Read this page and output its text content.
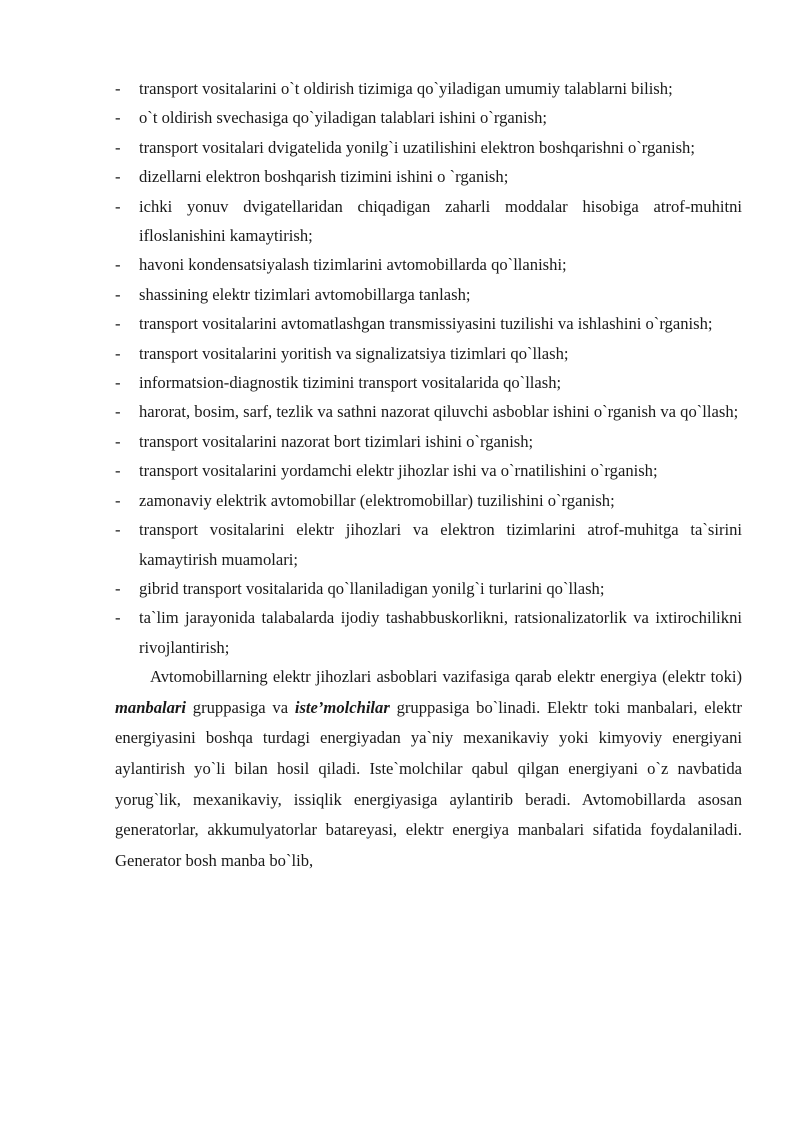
- transport vositalarini o`t oldirish tizimiga qo`yiladigan umumiy talablarni bilish;
- o`t oldirish svechasiga qo`yiladigan talablari ishini o`rganish;
- transport vositalari dvigatelida yonilg`i uzatilishini elektron boshqarishni o`rganish;
- dizellarni elektron boshqarish tizimini ishini o `rganish;
- ichki yonuv dvigatellaridan chiqadigan zaharli moddalar hisobiga atrof-muhitni ifloslanishini kamaytirish;
- havoni kondensatsiyalash tizimlarini avtomobillarda qo`llanishi;
- shassining elektr tizimlari avtomobillarga tanlash;
- transport vositalarini avtomatlashgan transmissiyasini tuzilishi va ishlashini o`rganish;
- transport vositalarini yoritish va signalizatsiya tizimlari qo`llash;
- informatsion-diagnostik tizimini transport vositalarida qo`llash;
- harorat, bosim, sarf, tezlik va sathni nazorat qiluvchi asboblar ishini o`rganish va qo`llash;
- transport vositalarini nazorat bort tizimlari ishini o`rganish;
- transport vositalarini yordamchi elektr jihozlar ishi va o`rnatilishini o`rganish;
- zamonaviy elektrik avtomobillar (elektromobillar) tuzilishini o`rganish;
- transport vositalarini elektr jihozlari va elektron tizimlarini atrof-muhitga ta`sirini kamaytirish muamolari;
- gibrid transport vositalarida qo`llaniladigan yonilg`i turlarini qo`llash;
- ta`lim jarayonida talabalarda ijodiy tashabbuskorlikni, ratsionalizatorlik va ixtirochilikni rivojlantirish;

Avtomobillarning elektr jihozlari asboblari vazifasiga qarab elektr energiya (elektr toki) manbalari gruppasiga va iste’molchilar gruppasiga bo`linadi. Elektr toki manbalari, elektr energiyasini boshqa turdagi energiyadan ya`niy mexanikaviy yoki kimyoviy energiyani aylantirish yo`li bilan hosil qiladi. Iste`molchilar qabul qilgan energiyani o`z navbatida yorug`lik, mexanikaviy, issiqlik energiyasiga aylantirib beradi. Avtomobillarda asosan generatorlar, akkumulyatorlar batareyasi, elektr energiya manbalari sifatida foydalaniladi. Generator bosh manba bo`lib,
